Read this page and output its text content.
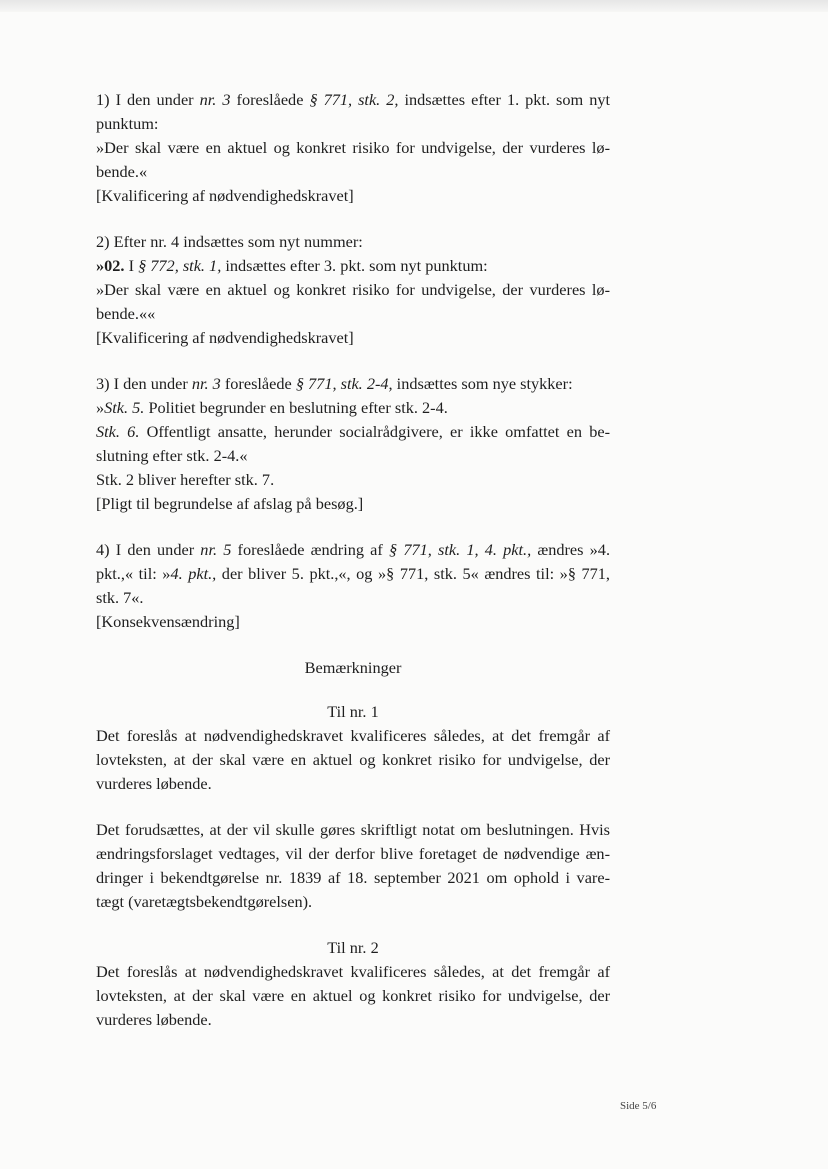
1) I den under nr. 3 foreslåede § 771, stk. 2, indsættes efter 1. pkt. som nyt
punktum:
»Der skal være en aktuel og konkret risiko for undvigelse, der vurderes lø-
bende.«
[Kvalificering af nødvendighedskravet]
2) Efter nr. 4 indsættes som nyt nummer:
»02. I § 772, stk. 1, indsættes efter 3. pkt. som nyt punktum:
»Der skal være en aktuel og konkret risiko for undvigelse, der vurderes lø-
bende.««
[Kvalificering af nødvendighedskravet]
3) I den under nr. 3 foreslåede § 771, stk. 2-4, indsættes som nye stykker:
»Stk. 5. Politiet begrunder en beslutning efter stk. 2-4.
Stk. 6. Offentligt ansatte, herunder socialrådgivere, er ikke omfattet en be-
slutning efter stk. 2-4.«
Stk. 2 bliver herefter stk. 7.
[Pligt til begrundelse af afslag på besøg.]
4) I den under nr. 5 foreslåede ændring af § 771, stk. 1, 4. pkt., ændres »4.
pkt.,« til: »4. pkt., der bliver 5. pkt.,«, og »§ 771, stk. 5« ændres til: »§ 771,
stk. 7«.
[Konsekvensændring]

Bemærkninger

Til nr. 1

Det foreslås at nødvendighedskravet kvalificeres således, at det fremgår af
lovteksten, at der skal være en aktuel og konkret risiko for undvigelse, der
vurderes løbende.
Det forudsættes, at der vil skulle gøres skriftligt notat om beslutningen. Hvis
ændringsforslaget vedtages, vil der derfor blive foretaget de nødvendige æn-
dringer i bekendtgørelse nr. 1839 af 18. september 2021 om ophold i vare-
tægt (varetægtsbekendtgørelsen).

Til nr. 2

Det foreslås at nødvendighedskravet kvalificeres således, at det fremgår af
lovteksten, at der skal være en aktuel og konkret risiko for undvigelse, der
vurderes løbende.
Side 5/6
